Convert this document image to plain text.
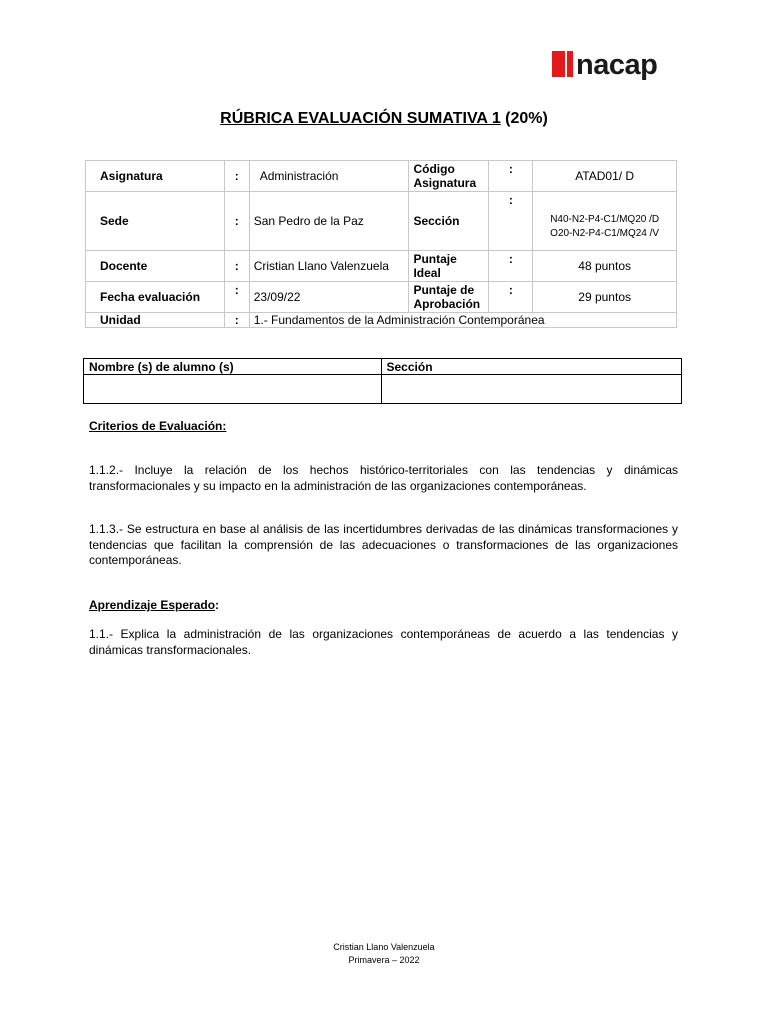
nacap
RÚBRICA EVALUACIÓN SUMATIVA 1 (20%)
Asignatura	:	Administración	Código Asignatura	:	ATAD01/ D
Sede	:	San Pedro de la Paz	Sección	:	N40-N2-P4-C1/MQ20 /D
O20-N2-P4-C1/MQ24 /V

Docente	:	Cristian Llano Valenzuela	Puntaje Ideal	:	48 puntos
Fecha evaluación	:	23/09/22	Puntaje de Aprobación	:	29 puntos
Unidad	:	1.- Fundamentos de la Administración Contemporánea			
Nombre (s) de alumno (s)	Sección

Criterios de Evaluación:

1.1.2.- Incluye la relación de los hechos histórico-territoriales con las tendencias y dinámicas transformacionales y su impacto en la administración de las organizaciones contemporáneas.

1.1.3.- Se estructura en base al análisis de las incertidumbres derivadas de las dinámicas transformaciones y tendencias que facilitan la comprensión de las adecuaciones o transformaciones de las organizaciones contemporáneas.

Aprendizaje Esperado:

1.1.- Explica la administración de las organizaciones contemporáneas de acuerdo a las tendencias y dinámicas transformacionales.

Cristian Llano Valenzuela
Primavera – 2022
